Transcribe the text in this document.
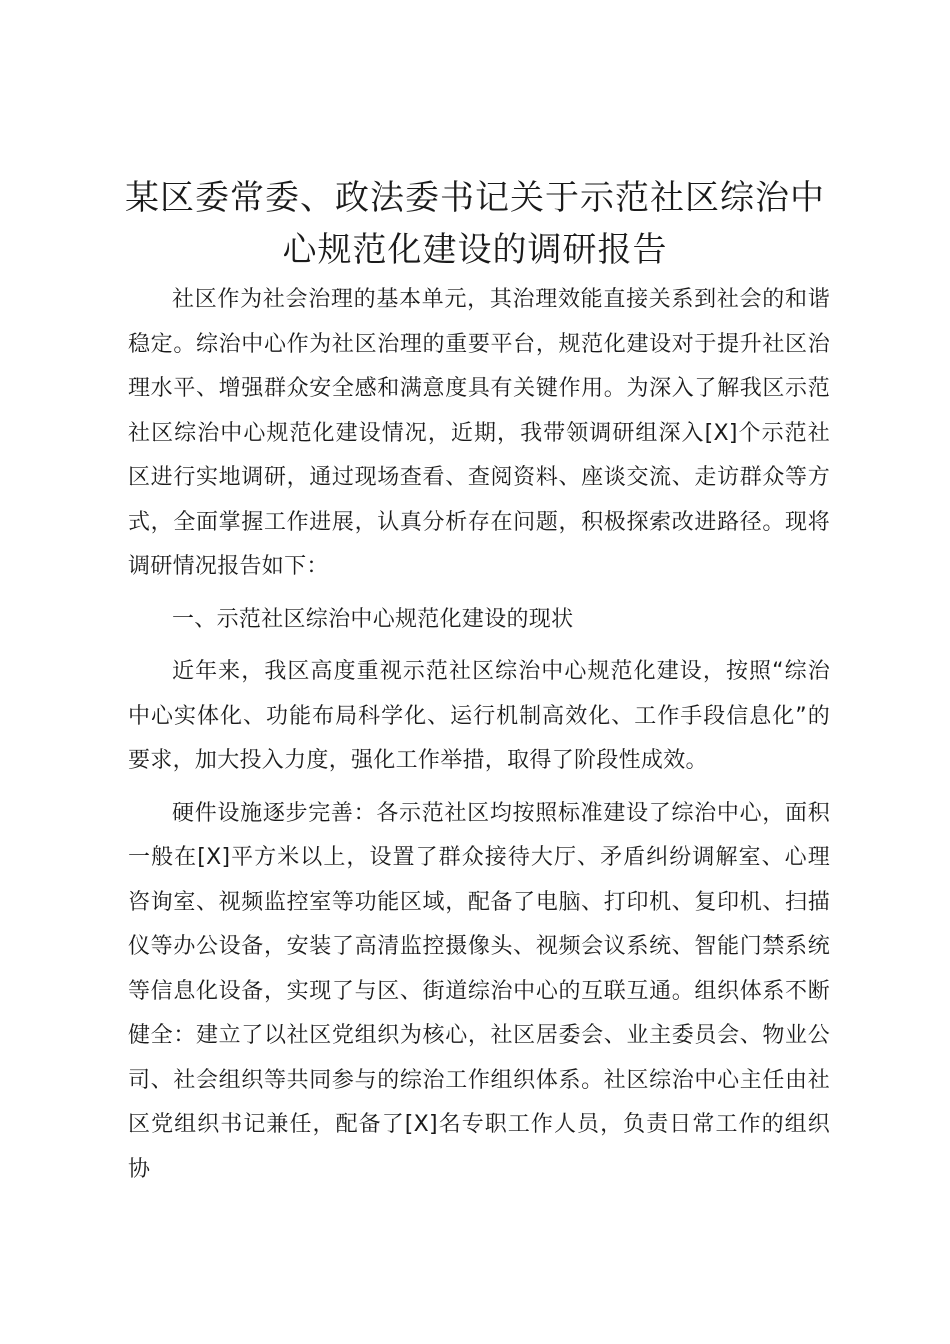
某区委常委、政法委书记关于示范社区综治中心规范化建设的调研报告

社区作为社会治理的基本单元，其治理效能直接关系到社会的和谐稳定。综治中心作为社区治理的重要平台，规范化建设对于提升社区治理水平、增强群众安全感和满意度具有关键作用。为深入了解我区示范社区综治中心规范化建设情况，近期，我带领调研组深入[X]个示范社区进行实地调研，通过现场查看、查阅资料、座谈交流、走访群众等方式，全面掌握工作进展，认真分析存在问题，积极探索改进路径。现将调研情况报告如下：

一、示范社区综治中心规范化建设的现状

近年来，我区高度重视示范社区综治中心规范化建设，按照“综治中心实体化、功能布局科学化、运行机制高效化、工作手段信息化”的要求，加大投入力度，强化工作举措，取得了阶段性成效。

硬件设施逐步完善：各示范社区均按照标准建设了综治中心，面积一般在[X]平方米以上，设置了群众接待大厅、矛盾纠纷调解室、心理咨询室、视频监控室等功能区域，配备了电脑、打印机、复印机、扫描仪等办公设备，安装了高清监控摄像头、视频会议系统、智能门禁系统等信息化设备，实现了与区、街道综治中心的互联互通。组织体系不断健全：建立了以社区党组织为核心，社区居委会、业主委员会、物业公司、社会组织等共同参与的综治工作组织体系。社区综治中心主任由社区党组织书记兼任，配备了[X]名专职工作人员，负责日常工作的组织协
